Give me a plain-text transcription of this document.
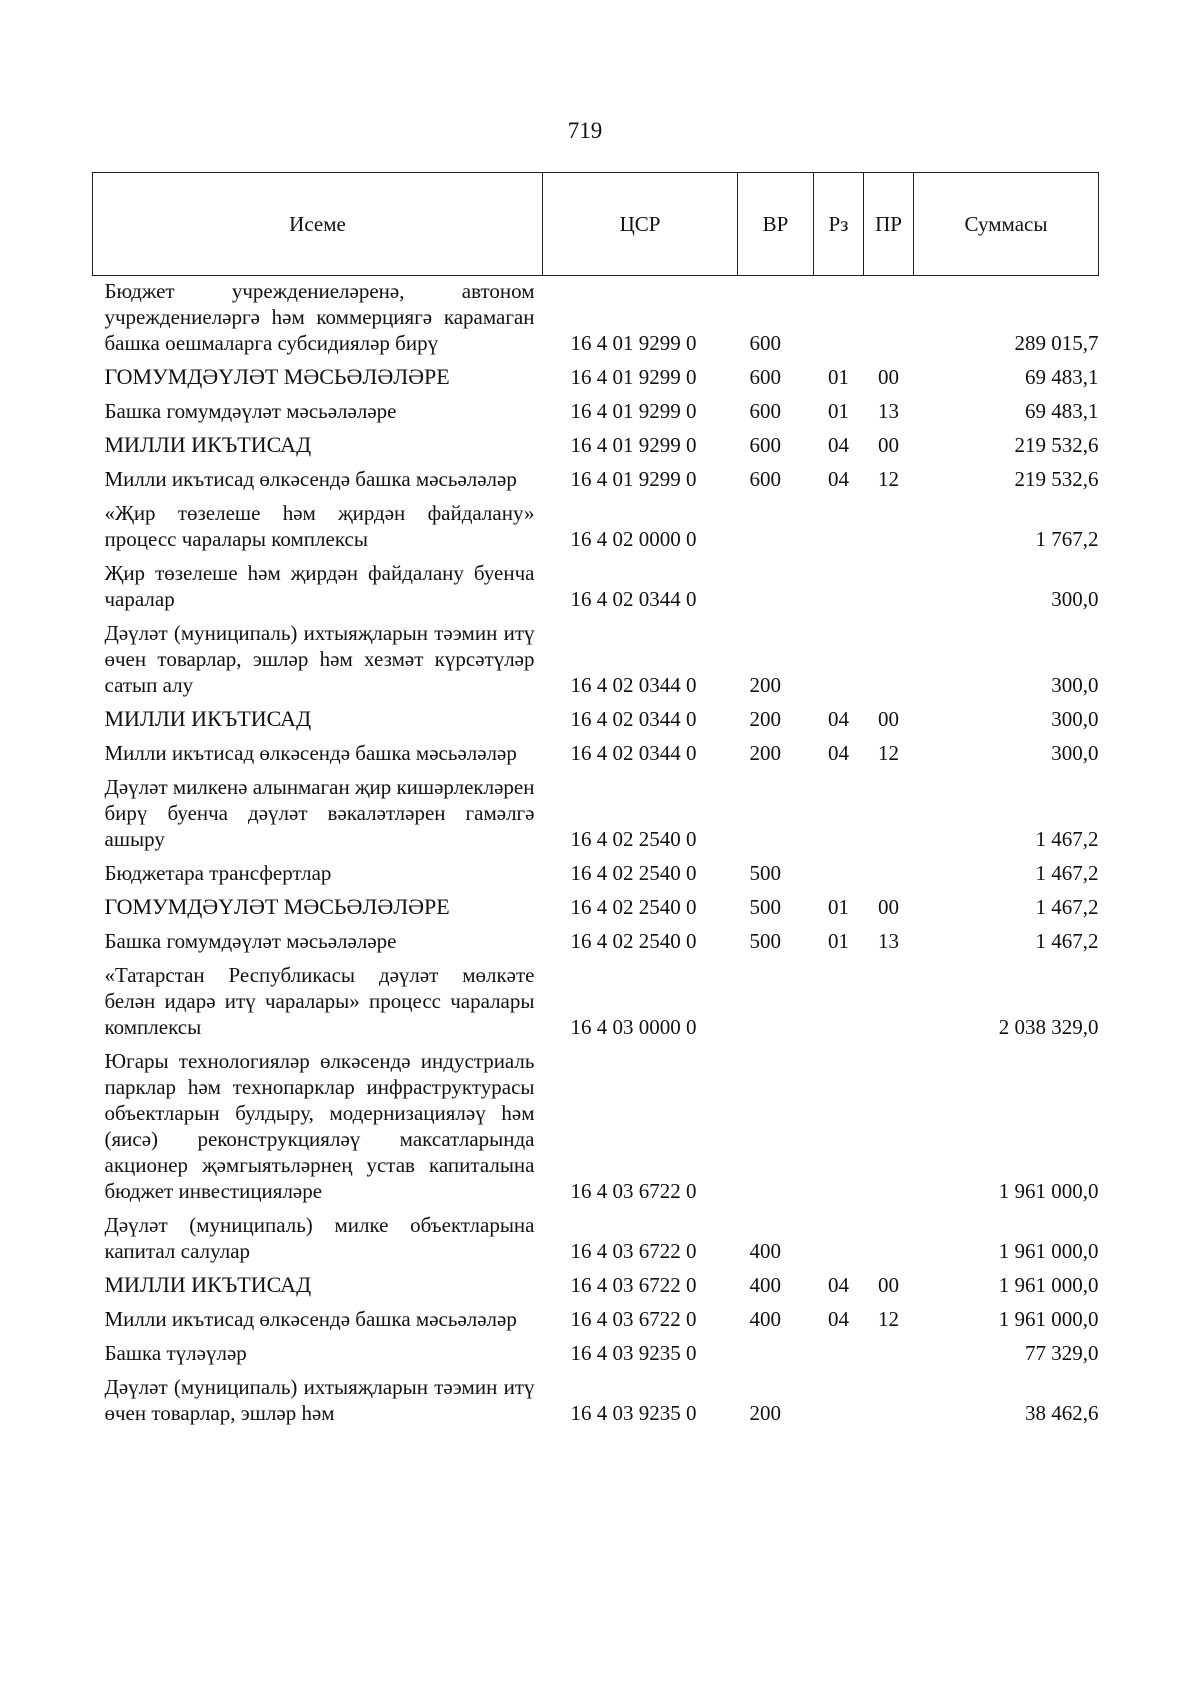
719
Исеме	ЦСР	ВР	Рз	ПР	Суммасы
Бюджет учреждениеләренә, автоном учреждениеләргә һәм коммерциягә карамаган башка оешмаларга субсидияләр бирү	16 4 01 9299 0	600			289 015,7
ГОМУМДӘҮЛӘТ МӘСЬӘЛӘЛӘРЕ	16 4 01 9299 0	600	01	00	69 483,1
Башка гомумдәүләт мәсьәләләре	16 4 01 9299 0	600	01	13	69 483,1
МИЛЛИ ИКЪТИСАД	16 4 01 9299 0	600	04	00	219 532,6
Милли икътисад өлкәсендә башка мәсьәләләр	16 4 01 9299 0	600	04	12	219 532,6
«Җир төзелеше һәм җирдән файдалану» процесс чаралары комплексы	16 4 02 0000 0				1 767,2
Җир төзелеше һәм җирдән файдалану буенча чаралар	16 4 02 0344 0				300,0
Дәүләт (муниципаль) ихтыяҗларын тәэмин итү өчен товарлар, эшләр һәм хезмәт күрсәтүләр сатып алу	16 4 02 0344 0	200			300,0
МИЛЛИ ИКЪТИСАД	16 4 02 0344 0	200	04	00	300,0
Милли икътисад өлкәсендә башка мәсьәләләр	16 4 02 0344 0	200	04	12	300,0
Дәүләт милкенә алынмаган җир кишәрлекләрен бирү буенча дәүләт вәкаләтләрен гамәлгә ашыру	16 4 02 2540 0				1 467,2
Бюджетара трансфертлар	16 4 02 2540 0	500			1 467,2
ГОМУМДӘҮЛӘТ МӘСЬӘЛӘЛӘРЕ	16 4 02 2540 0	500	01	00	1 467,2
Башка гомумдәүләт мәсьәләләре	16 4 02 2540 0	500	01	13	1 467,2
«Татарстан Республикасы дәүләт мөлкәте белән идарә итү чаралары» процесс чаралары комплексы	16 4 03 0000 0				2 038 329,0
Югары технологияләр өлкәсендә индустриаль парклар һәм технопарклар инфраструктурасы объектларын булдыру, модернизацияләү һәм (яисә) реконструкцияләү максатларында акционер җәмгыятьләрнең устав капиталына бюджет инвестицияләре	16 4 03 6722 0				1 961 000,0
Дәүләт (муниципаль) милке объектларына капитал салулар	16 4 03 6722 0	400			1 961 000,0
МИЛЛИ ИКЪТИСАД	16 4 03 6722 0	400	04	00	1 961 000,0
Милли икътисад өлкәсендә башка мәсьәләләр	16 4 03 6722 0	400	04	12	1 961 000,0
Башка түләүләр	16 4 03 9235 0				77 329,0
Дәүләт (муниципаль) ихтыяҗларын тәэмин итү өчен товарлар, эшләр һәм	16 4 03 9235 0	200			38 462,6
